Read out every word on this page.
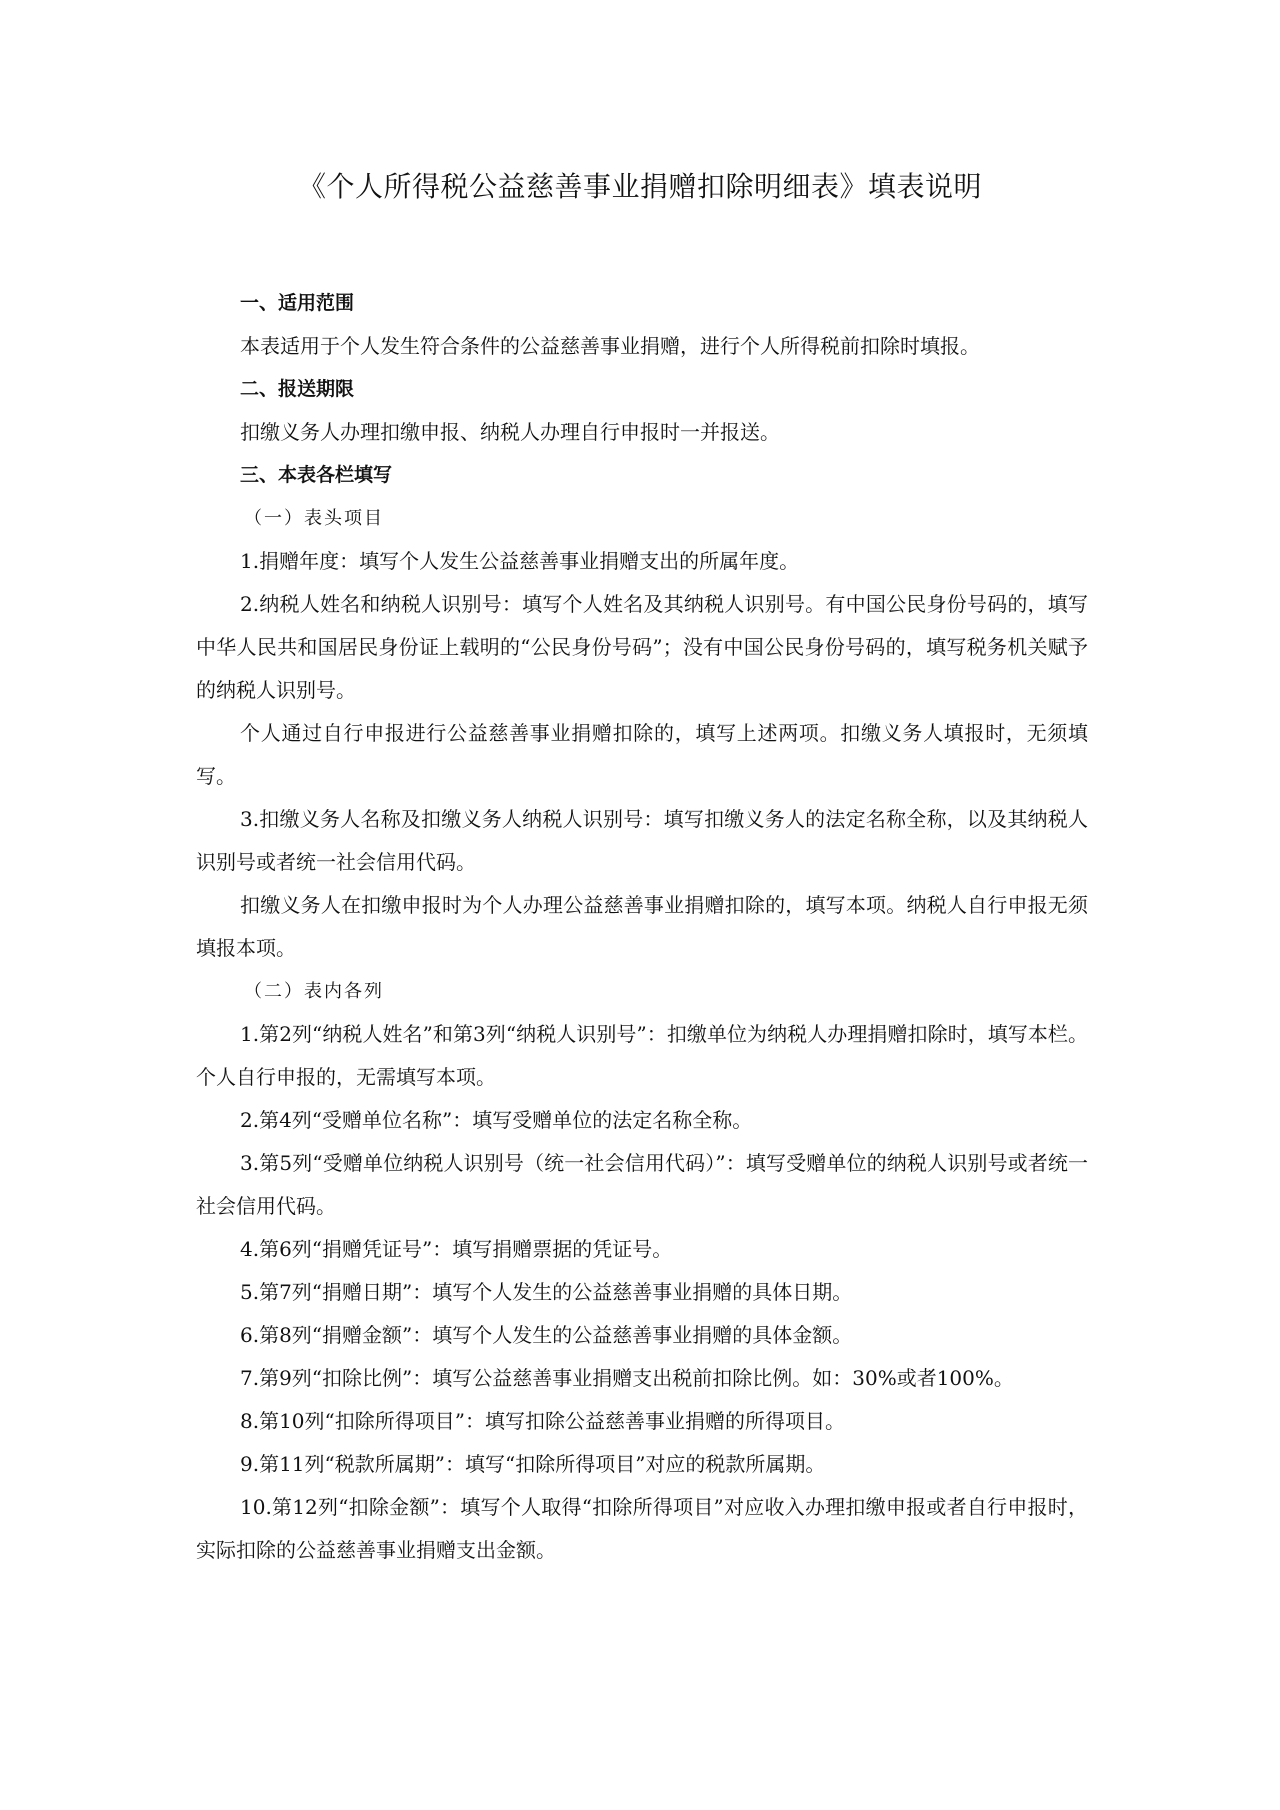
《个人所得税公益慈善事业捐赠扣除明细表》填表说明

一、适用范围

本表适用于个人发生符合条件的公益慈善事业捐赠，进行个人所得税前扣除时填报。

二、报送期限

扣缴义务人办理扣缴申报、纳税人办理自行申报时一并报送。

三、本表各栏填写

（一）表头项目

1.捐赠年度：填写个人发生公益慈善事业捐赠支出的所属年度。

2.纳税人姓名和纳税人识别号：填写个人姓名及其纳税人识别号。有中国公民身份号码的，填写中华人民共和国居民身份证上载明的“公民身份号码”；没有中国公民身份号码的，填写税务机关赋予的纳税人识别号。

个人通过自行申报进行公益慈善事业捐赠扣除的，填写上述两项。扣缴义务人填报时，无须填写。

3.扣缴义务人名称及扣缴义务人纳税人识别号：填写扣缴义务人的法定名称全称，以及其纳税人识别号或者统一社会信用代码。

扣缴义务人在扣缴申报时为个人办理公益慈善事业捐赠扣除的，填写本项。纳税人自行申报无须填报本项。

（二）表内各列

1.第2列“纳税人姓名”和第3列“纳税人识别号”：扣缴单位为纳税人办理捐赠扣除时，填写本栏。个人自行申报的，无需填写本项。

2.第4列“受赠单位名称”：填写受赠单位的法定名称全称。

3.第5列“受赠单位纳税人识别号（统一社会信用代码）”：填写受赠单位的纳税人识别号或者统一社会信用代码。

4.第6列“捐赠凭证号”：填写捐赠票据的凭证号。

5.第7列“捐赠日期”：填写个人发生的公益慈善事业捐赠的具体日期。

6.第8列“捐赠金额”：填写个人发生的公益慈善事业捐赠的具体金额。

7.第9列“扣除比例”：填写公益慈善事业捐赠支出税前扣除比例。如：30%或者100%。

8.第10列“扣除所得项目”：填写扣除公益慈善事业捐赠的所得项目。

9.第11列“税款所属期”：填写“扣除所得项目”对应的税款所属期。

10.第12列“扣除金额”：填写个人取得“扣除所得项目”对应收入办理扣缴申报或者自行申报时，实际扣除的公益慈善事业捐赠支出金额。
